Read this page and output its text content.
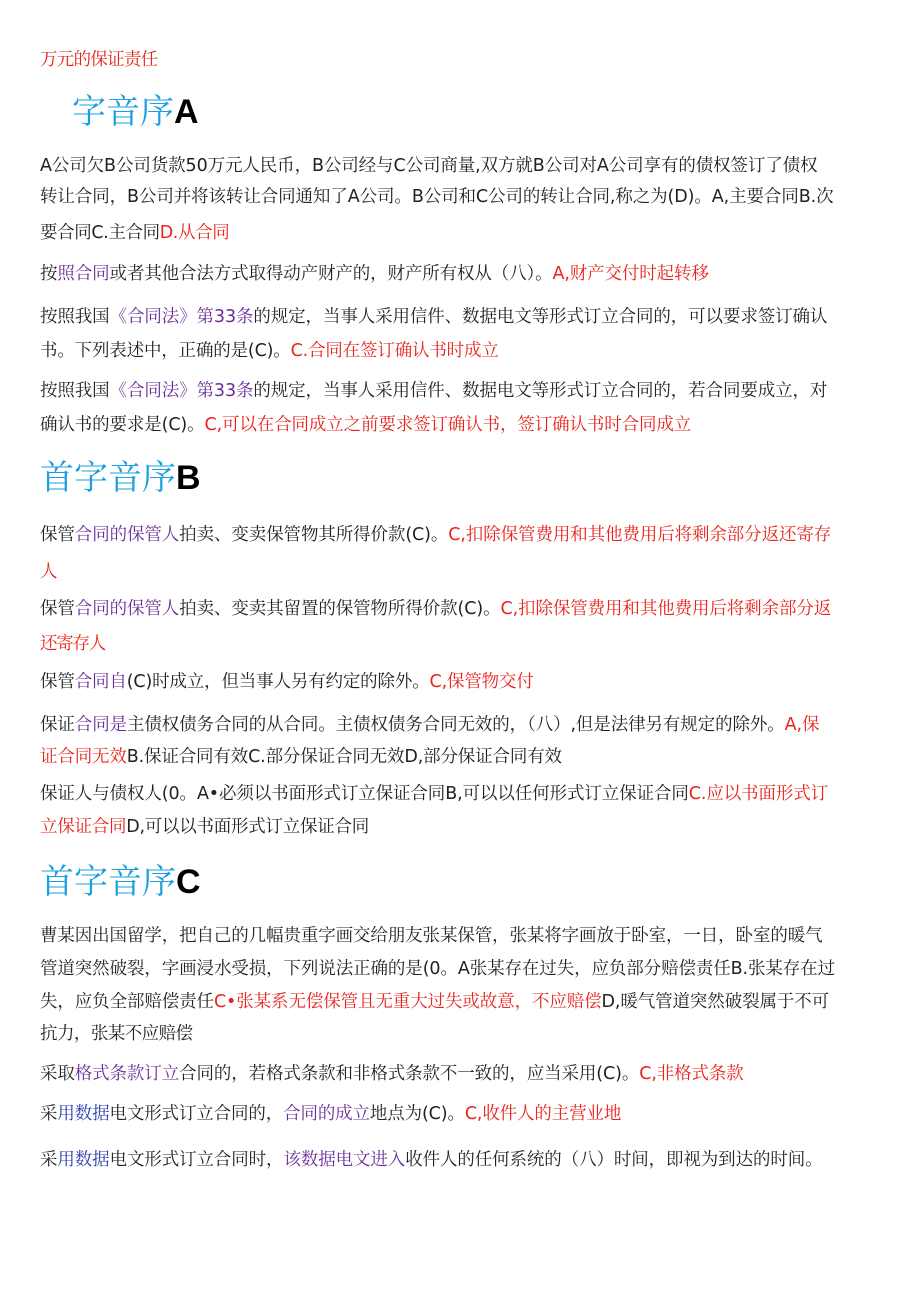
字音序A
首字音序B
首字音序C
万元的保证责任
A公司欠B公司货款50万元人民币，B公司经与C公司商量,双方就B公司对A公司享有的债权签订了债权
转让合同，B公司并将该转让合同通知了A公司。B公司和C公司的转让合同,称之为(D)。A,主要合同B.次
要合同C.主合同D.从合同
按照合同或者其他合法方式取得动产财产的，财产所有权从（八）。A,财产交付时起转移
按照我国《合同法》第33条的规定，当事人采用信件、数据电文等形式订立合同的，可以要求签订确认
书。下列表述中，正确的是(C)。C.合同在签订确认书时成立
按照我国《合同法》第33条的规定，当事人采用信件、数据电文等形式订立合同的，若合同要成立，对
确认书的要求是(C)。C,可以在合同成立之前要求签订确认书，签订确认书时合同成立
保管合同的保管人拍卖、变卖保管物其所得价款(C)。C,扣除保管费用和其他费用后将剩余部分返还寄存
人
保管合同的保管人拍卖、变卖其留置的保管物所得价款(C)。C,扣除保管费用和其他费用后将剩余部分返
还寄存人
保管合同自(C)时成立，但当事人另有约定的除外。C,保管物交付
保证合同是主债权债务合同的从合同。主债权债务合同无效的，（八）,但是法律另有规定的除外。A,保
证合同无效B.保证合同有效C.部分保证合同无效D,部分保证合同有效
保证人与债权人(0。A•必须以书面形式订立保证合同B,可以以任何形式订立保证合同C.应以书面形式订
立保证合同D,可以以书面形式订立保证合同
曹某因出国留学，把自己的几幅贵重字画交给朋友张某保管，张某将字画放于卧室，一日，卧室的暖气
管道突然破裂，字画浸水受损，下列说法正确的是(0。A张某存在过失，应负部分赔偿责任B.张某存在过
失，应负全部赔偿责任C•张某系无偿保管且无重大过失或故意，不应赔偿D,暖气管道突然破裂属于不可
抗力，张某不应赔偿
采取格式条款订立合同的，若格式条款和非格式条款不一致的，应当采用(C)。C,非格式条款
采用数据电文形式订立合同的，合同的成立地点为(C)。C,收件人的主营业地
采用数据电文形式订立合同时，该数据电文进入收件人的任何系统的（八）时间，即视为到达的时间。
